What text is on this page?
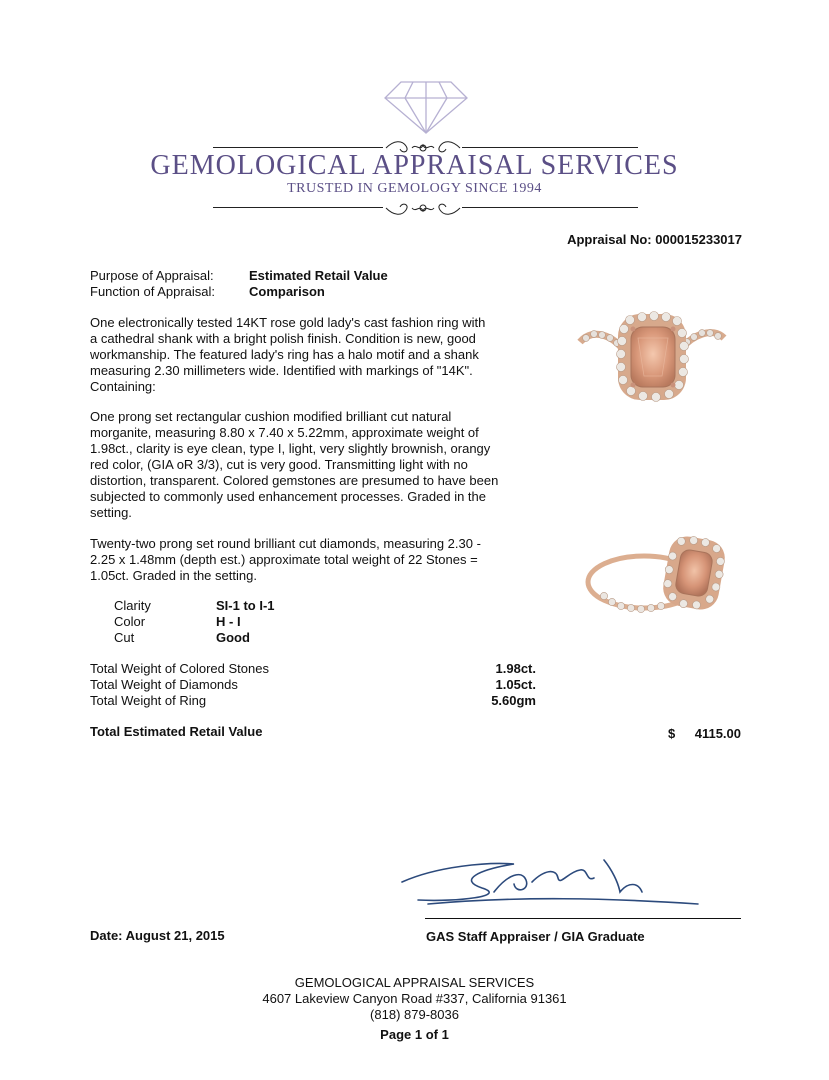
GEMOLOGICAL APPRAISAL SERVICES
TRUSTED IN GEMOLOGY SINCE 1994
Appraisal No: 000015233017
Purpose of Appraisal:	Estimated Retail Value
Function of Appraisal:	Comparison
One electronically tested 14KT rose gold lady's cast fashion ring with a cathedral shank with a bright polish finish. Condition is new, good workmanship. The featured lady's ring has a halo motif and a shank measuring 2.30 millimeters wide. Identified with markings of "14K". Containing:
One prong set rectangular cushion modified brilliant cut natural morganite, measuring 8.80 x 7.40 x 5.22mm, approximate weight of 1.98ct., clarity is eye clean, type I, light, very slightly brownish, orangy red color, (GIA oR 3/3), cut is very good. Transmitting light with no distortion, transparent. Colored gemstones are presumed to have been subjected to commonly used enhancement processes. Graded in the setting.
Twenty-two prong set round brilliant cut diamonds, measuring 2.30 - 2.25 x 1.48mm (depth est.) approximate total weight of 22 Stones = 1.05ct. Graded in the setting.
Clarity	SI-1 to I-1
Color	H - I
Cut	Good
Total Weight of Colored Stones	1.98ct.
Total Weight of Diamonds	1.05ct.
Total Weight of Ring	5.60gm
Total Estimated Retail Value	$ 4115.00
Date: August 21, 2015	GAS Staff Appraiser / GIA Graduate
GEMOLOGICAL APPRAISAL SERVICES
4607 Lakeview Canyon Road #337, California 91361
(818) 879-8036
Page 1 of 1
